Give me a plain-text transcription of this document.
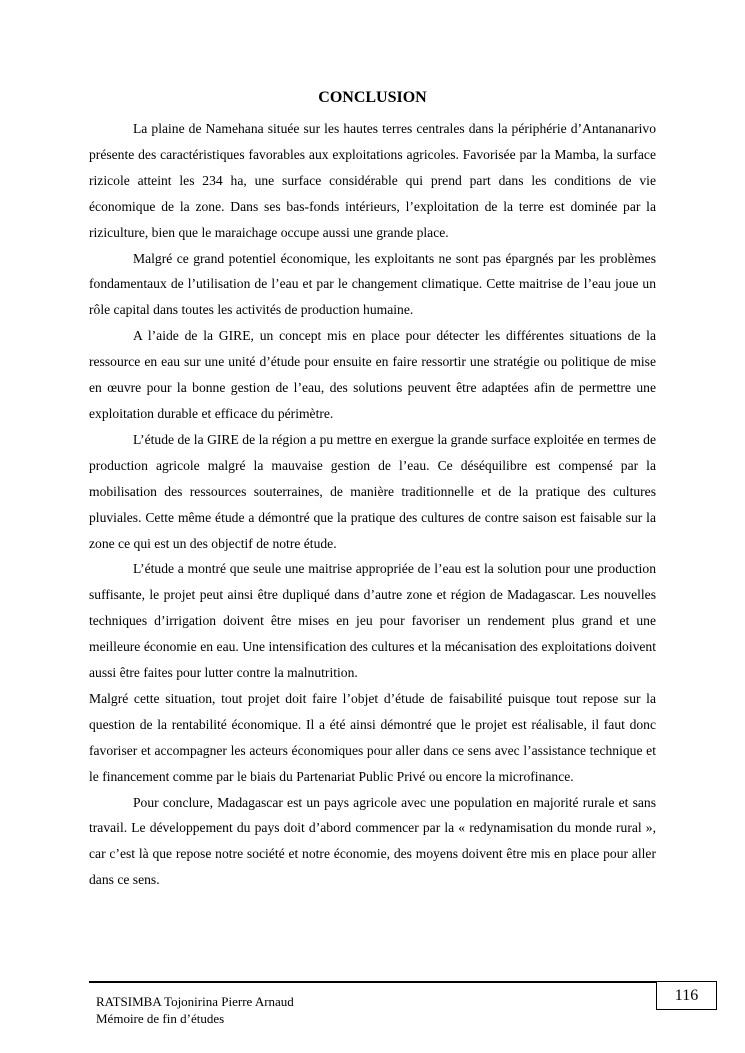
CONCLUSION

La plaine de Namehana située sur les hautes terres centrales dans la périphérie d’Antananarivo présente des caractéristiques favorables aux exploitations agricoles. Favorisée par la Mamba, la surface rizicole atteint les 234 ha, une surface considérable qui prend part dans les conditions de vie économique de la zone. Dans ses bas-fonds intérieurs, l’exploitation de la terre est dominée par la riziculture, bien que le maraichage occupe aussi une grande place.

Malgré ce grand potentiel économique, les exploitants ne sont pas épargnés par les problèmes fondamentaux de l’utilisation de l’eau et par le changement climatique. Cette maitrise de l’eau joue un rôle capital dans toutes les activités de production humaine.

A l’aide de la GIRE, un concept mis en place pour détecter les différentes situations de la ressource en eau sur une unité d’étude pour ensuite en faire ressortir une stratégie ou politique de mise en œuvre pour la bonne gestion de l’eau, des solutions peuvent être adaptées afin de permettre une exploitation durable et efficace du périmètre.

L’étude de la GIRE de la région a pu mettre en exergue la grande surface exploitée en termes de production agricole malgré la mauvaise gestion de l’eau. Ce déséquilibre est compensé par la mobilisation des ressources souterraines, de manière traditionnelle et de la pratique des cultures pluviales. Cette même étude a démontré que la pratique des cultures de contre saison est faisable sur la zone ce qui est un des objectif de notre étude.

L’étude a montré que seule une maitrise appropriée de l’eau est la solution pour une production suffisante, le projet peut ainsi être dupliqué dans d’autre zone et région de Madagascar. Les nouvelles techniques d’irrigation doivent être mises en jeu pour favoriser un rendement plus grand et une meilleure économie en eau. Une intensification des cultures et la mécanisation des exploitations doivent aussi être faites pour lutter contre la malnutrition.

Malgré cette situation, tout projet doit faire l’objet d’étude de faisabilité puisque tout repose sur la question de la rentabilité économique. Il a été ainsi démontré que le projet est réalisable, il faut donc favoriser et accompagner les acteurs économiques pour aller dans ce sens avec l’assistance technique et le financement comme par le biais du Partenariat Public Privé ou encore la microfinance.

Pour conclure, Madagascar est un pays agricole avec une population en majorité rurale et sans travail. Le développement du pays doit d’abord commencer par la « redynamisation du monde rural », car c’est là que repose notre société et notre économie, des moyens doivent être mis en place pour aller dans ce sens.

116
RATSIMBA Tojonirina Pierre Arnaud
Mémoire de fin d’études
